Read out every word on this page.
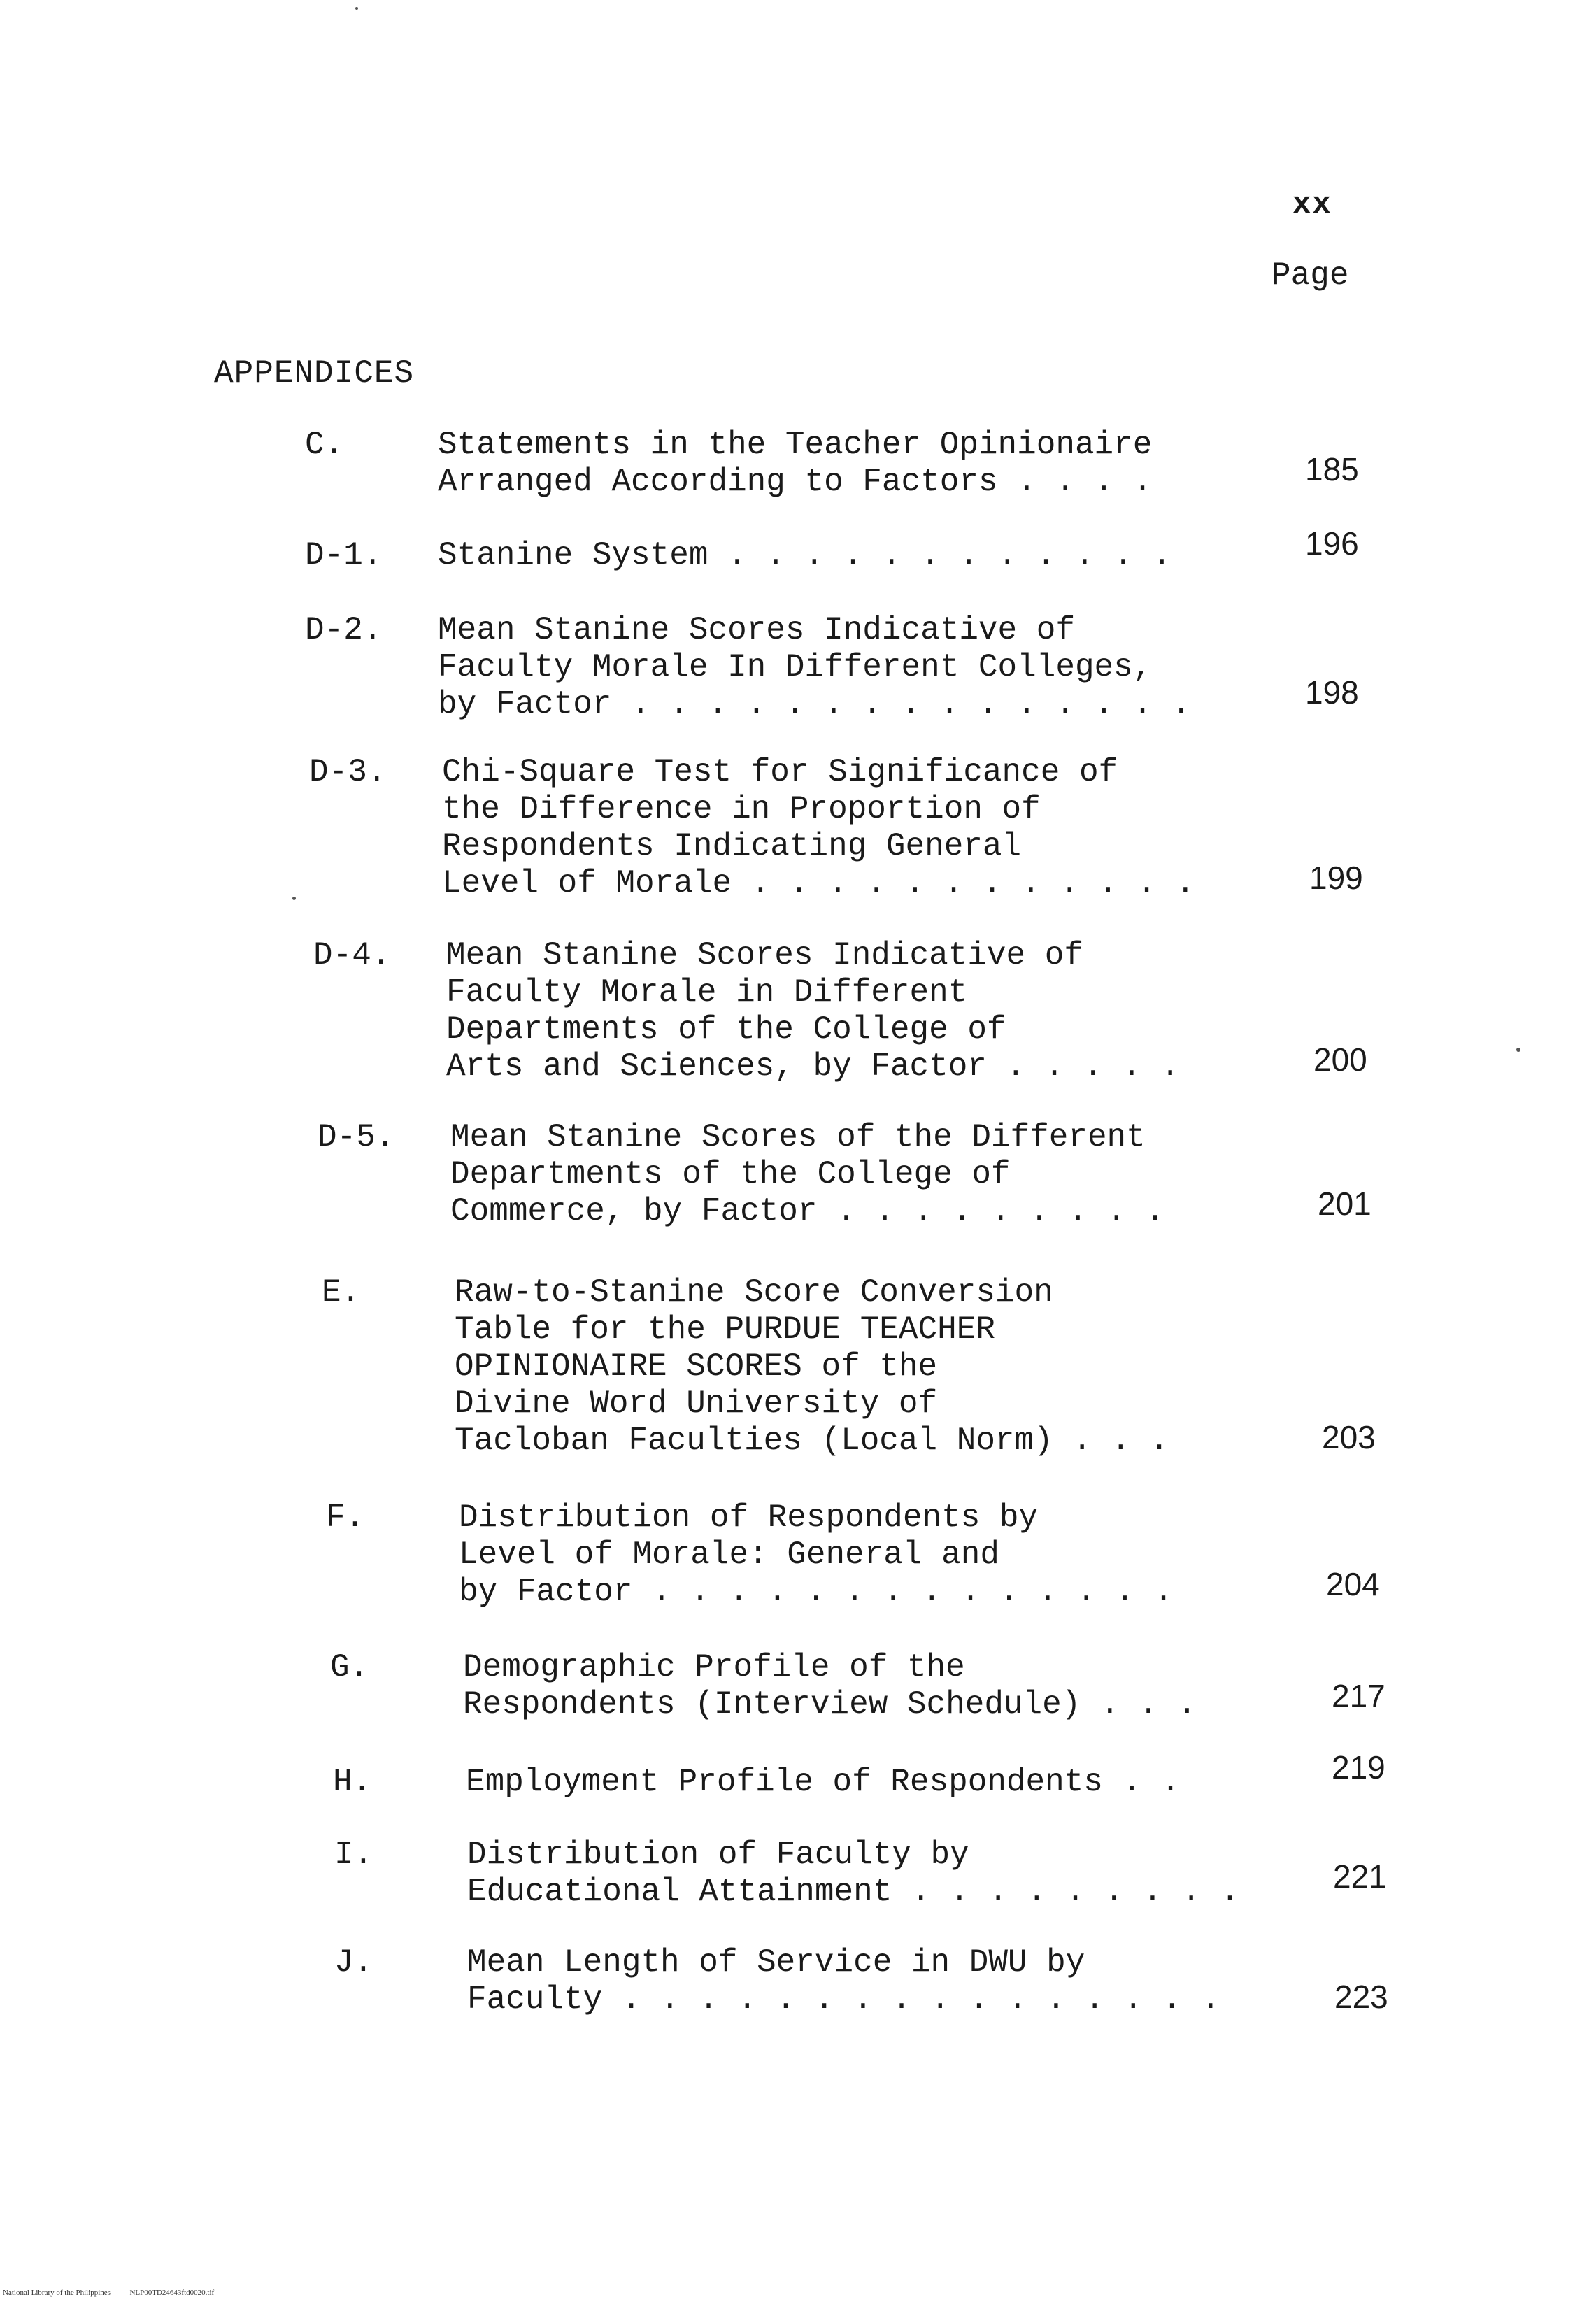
xx
Page
APPENDICES
C.	Statements in the Teacher Opinionaire
Arranged According to Factors . . . .	185
D-1. Stanine System . . . . . . . . . . . .	196
D-2. Mean Stanine Scores Indicative of
Faculty Morale In Different Colleges,
by Factor . . . . . . . . . . . . . . .	198
D-3. Chi-Square Test for Significance of
the Difference in Proportion of
Respondents Indicating General
Level of Morale . . . . . . . . . . . .	199
D-4. Mean Stanine Scores Indicative of
Faculty Morale in Different
Departments of the College of
Arts and Sciences, by Factor . . . . .	200
D-5. Mean Stanine Scores of the Different
Departments of the College of
Commerce, by Factor . . . . . . . . .	201
E.	Raw-to-Stanine Score Conversion
Table for the PURDUE TEACHER
OPINIONAIRE SCORES of the
Divine Word University of
Tacloban Faculties (Local Norm) . . .	203
F.	Distribution of Respondents by
Level of Morale: General and
by Factor . . . . . . . . . . . . . .	204
G.	Demographic Profile of the
Respondents (Interview Schedule) . . .	217
H.	Employment Profile of Respondents . .	219
I.	Distribution of Faculty by
Educational Attainment . . . . . . . . .	221
J.	Mean Length of Service in DWU by
Faculty . . . . . . . . . . . . . . . .	223
National Library of the Philippines	NLP00TD24643ftd0020.tif
